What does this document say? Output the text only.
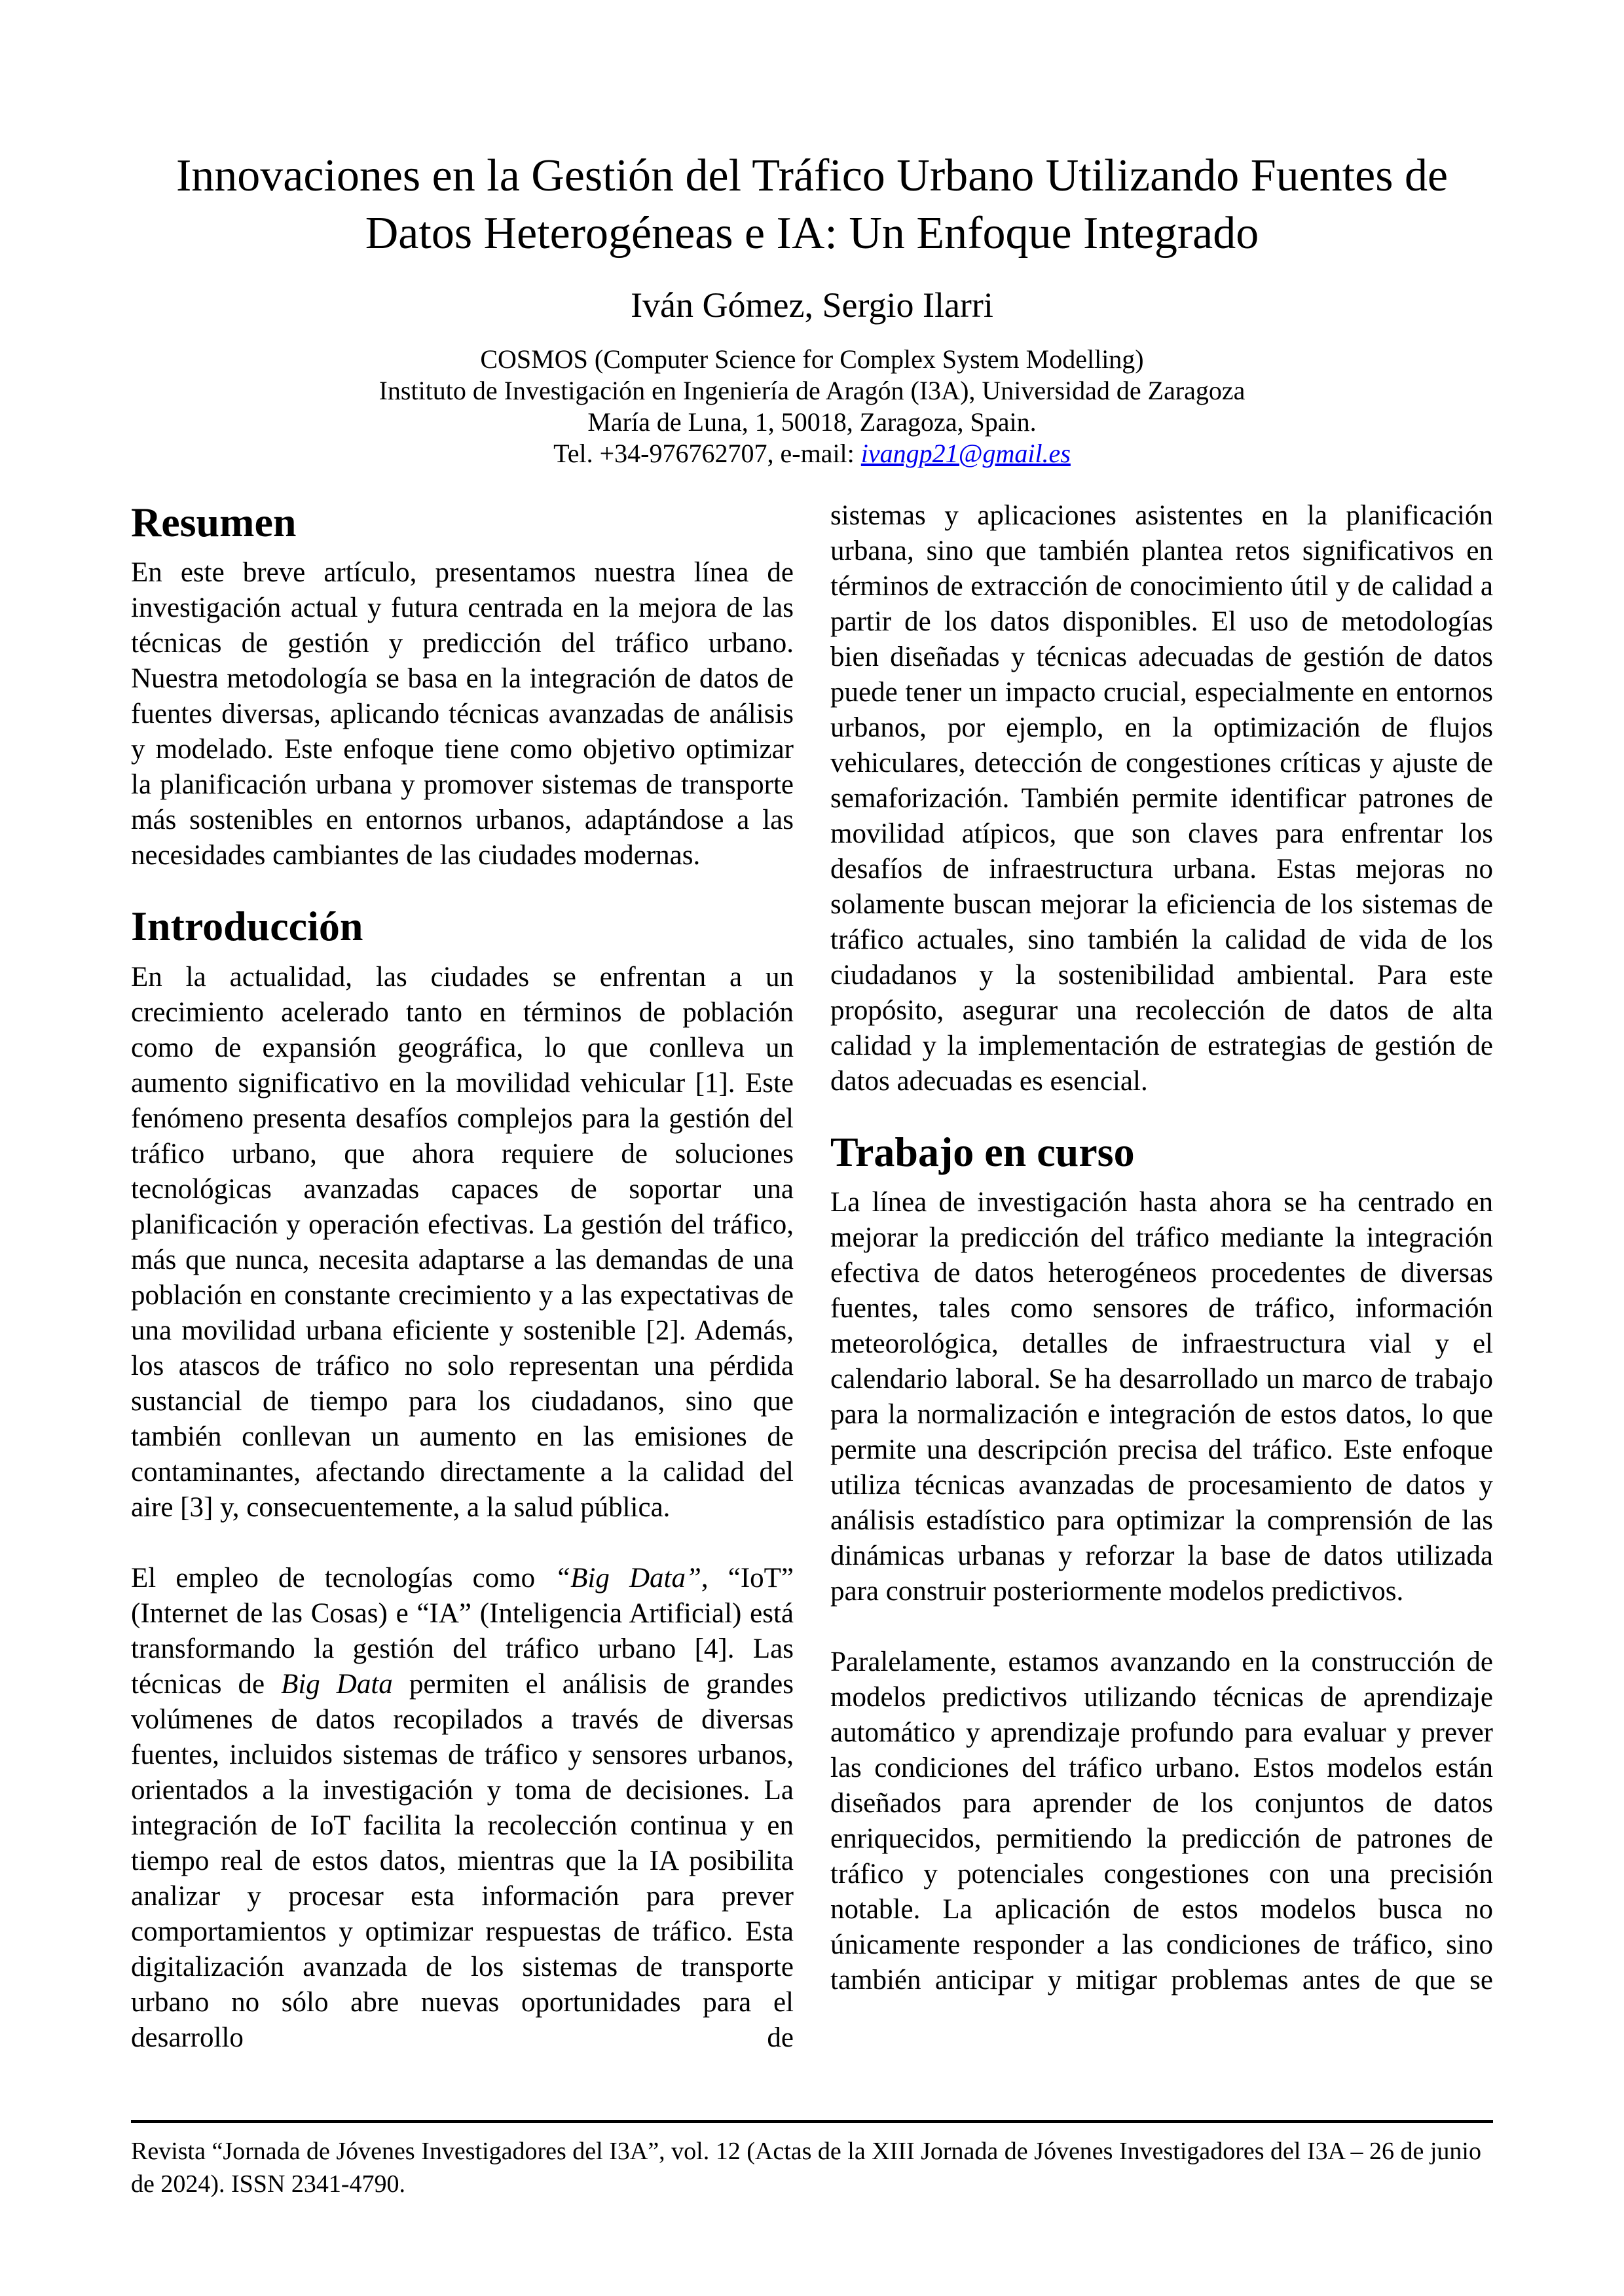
Innovaciones en la Gestión del Tráfico Urbano Utilizando Fuentes de Datos Heterogéneas e IA: Un Enfoque Integrado
Iván Gómez, Sergio Ilarri
COSMOS (Computer Science for Complex System Modelling)
Instituto de Investigación en Ingeniería de Aragón (I3A), Universidad de Zaragoza
María de Luna, 1, 50018, Zaragoza, Spain.
Tel. +34-976762707, e-mail: ivangp21@gmail.es
Resumen

En este breve artículo, presentamos nuestra línea de investigación actual y futura centrada en la mejora de las técnicas de gestión y predicción del tráfico urbano. Nuestra metodología se basa en la integración de datos de fuentes diversas, aplicando técnicas avanzadas de análisis y modelado. Este enfoque tiene como objetivo optimizar la planificación urbana y promover sistemas de transporte más sostenibles en entornos urbanos, adaptándose a las necesidades cambiantes de las ciudades modernas.

Introducción

En la actualidad, las ciudades se enfrentan a un crecimiento acelerado tanto en términos de población como de expansión geográfica, lo que conlleva un aumento significativo en la movilidad vehicular [1]. Este fenómeno presenta desafíos complejos para la gestión del tráfico urbano, que ahora requiere de soluciones tecnológicas avanzadas capaces de soportar una planificación y operación efectivas. La gestión del tráfico, más que nunca, necesita adaptarse a las demandas de una población en constante crecimiento y a las expectativas de una movilidad urbana eficiente y sostenible [2]. Además, los atascos de tráfico no solo representan una pérdida sustancial de tiempo para los ciudadanos, sino que también conllevan un aumento en las emisiones de contaminantes, afectando directamente a la calidad del aire [3] y, consecuentemente, a la salud pública.

El empleo de tecnologías como “Big Data”, “IoT” (Internet de las Cosas) e “IA” (Inteligencia Artificial) está transformando la gestión del tráfico urbano [4]. Las técnicas de Big Data permiten el análisis de grandes volúmenes de datos recopilados a través de diversas fuentes, incluidos sistemas de tráfico y sensores urbanos, orientados a la investigación y toma de decisiones. La integración de IoT facilita la recolección continua y en tiempo real de estos datos, mientras que la IA posibilita analizar y procesar esta información para prever comportamientos y optimizar respuestas de tráfico. Esta digitalización avanzada de los sistemas de transporte urbano no sólo abre nuevas oportunidades para el desarrollo de

sistemas y aplicaciones asistentes en la planificación urbana, sino que también plantea retos significativos en términos de extracción de conocimiento útil y de calidad a partir de los datos disponibles. El uso de metodologías bien diseñadas y técnicas adecuadas de gestión de datos puede tener un impacto crucial, especialmente en entornos urbanos, por ejemplo, en la optimización de flujos vehiculares, detección de congestiones críticas y ajuste de semaforización. También permite identificar patrones de movilidad atípicos, que son claves para enfrentar los desafíos de infraestructura urbana. Estas mejoras no solamente buscan mejorar la eficiencia de los sistemas de tráfico actuales, sino también la calidad de vida de los ciudadanos y la sostenibilidad ambiental. Para este propósito, asegurar una recolección de datos de alta calidad y la implementación de estrategias de gestión de datos adecuadas es esencial.

Trabajo en curso

La línea de investigación hasta ahora se ha centrado en mejorar la predicción del tráfico mediante la integración efectiva de datos heterogéneos procedentes de diversas fuentes, tales como sensores de tráfico, información meteorológica, detalles de infraestructura vial y el calendario laboral. Se ha desarrollado un marco de trabajo para la normalización e integración de estos datos, lo que permite una descripción precisa del tráfico. Este enfoque utiliza técnicas avanzadas de procesamiento de datos y análisis estadístico para optimizar la comprensión de las dinámicas urbanas y reforzar la base de datos utilizada para construir posteriormente modelos predictivos.

Paralelamente, estamos avanzando en la construcción de modelos predictivos utilizando técnicas de aprendizaje automático y aprendizaje profundo para evaluar y prever las condiciones del tráfico urbano. Estos modelos están diseñados para aprender de los conjuntos de datos enriquecidos, permitiendo la predicción de patrones de tráfico y potenciales congestiones con una precisión notable. La aplicación de estos modelos busca no únicamente responder a las condiciones de tráfico, sino también anticipar y mitigar problemas antes de que se

Revista “Jornada de Jóvenes Investigadores del I3A”, vol. 12 (Actas de la XIII Jornada de Jóvenes Investigadores del I3A – 26 de junio de 2024). ISSN 2341-4790.
